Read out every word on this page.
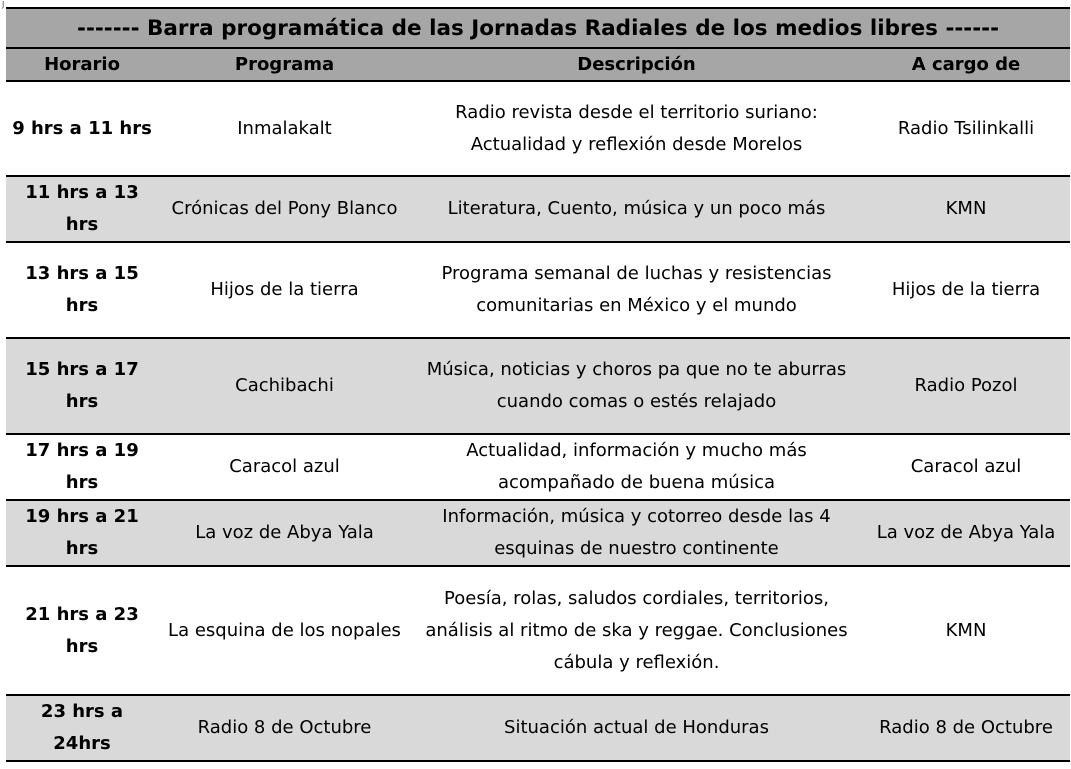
J
------- Barra programática de las Jornadas Radiales de los medios libres ------			
Horario	Programa	Descripción	A cargo de
9 hrs a 11 hrs	Inmalakalt	Radio revista desde el territorio suriano: Actualidad y reflexión desde Morelos	Radio Tsilinkalli
11 hrs a 13 hrs	Crónicas del Pony Blanco	Literatura, Cuento, música y un poco más	KMN
13 hrs a 15 hrs	Hijos de la tierra	Programa semanal de luchas y resistencias comunitarias en México y el mundo	Hijos de la tierra
15 hrs a 17 hrs	Cachibachi	Música, noticias y choros pa que no te aburras cuando comas o estés relajado	Radio Pozol
17 hrs a 19 hrs	Caracol azul	Actualidad, información y mucho más acompañado de buena música	Caracol azul
19 hrs a 21 hrs	La voz de Abya Yala	Información, música y cotorreo desde las 4 esquinas de nuestro continente	La voz de Abya Yala
21 hrs a 23 hrs	La esquina de los nopales	Poesía, rolas, saludos cordiales, territorios, análisis al ritmo de ska y reggae. Conclusiones cábula y reflexión.	KMN
23 hrs a 24hrs	Radio 8 de Octubre	Situación actual de Honduras	Radio 8 de Octubre
